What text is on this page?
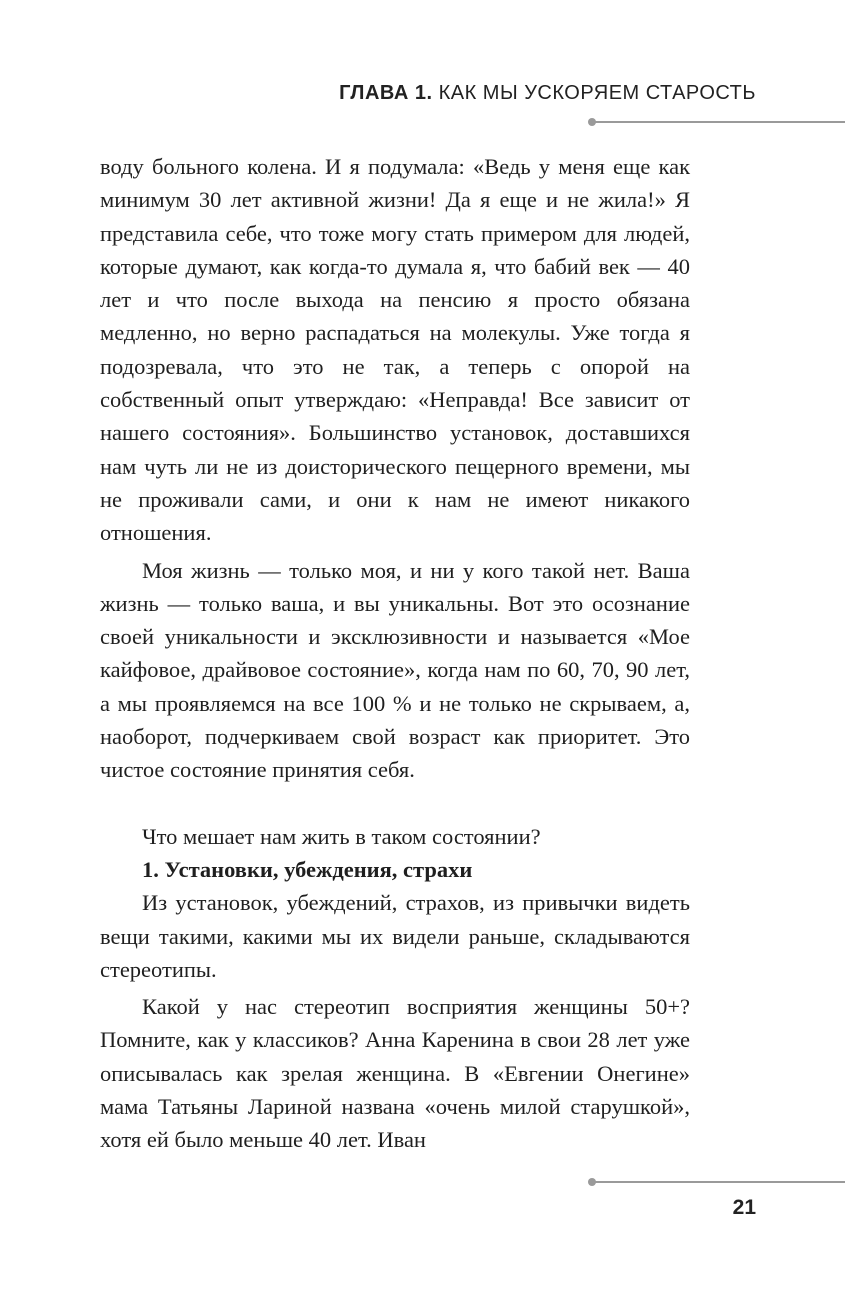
ГЛАВА 1. КАК МЫ УСКОРЯЕМ СТАРОСТЬ

воду больного колена. И я подумала: «Ведь у меня еще как минимум 30 лет активной жизни! Да я еще и не жила!» Я представила себе, что тоже могу стать примером для людей, которые думают, как когда-то думала я, что бабий век — 40 лет и что после выхода на пенсию я просто обязана медленно, но верно распадаться на молекулы. Уже тогда я подозревала, что это не так, а теперь с опорой на собственный опыт утверждаю: «Неправда! Все зависит от нашего состояния». Большинство установок, доставшихся нам чуть ли не из доисторического пещерного времени, мы не проживали сами, и они к нам не имеют никакого отношения.

Моя жизнь — только моя, и ни у кого такой нет. Ваша жизнь — только ваша, и вы уникальны. Вот это осознание своей уникальности и эксклюзивности и называется «Мое кайфовое, драйвовое состояние», когда нам по 60, 70, 90 лет, а мы проявляемся на все 100 % и не только не скрываем, а, наоборот, подчеркиваем свой возраст как приоритет. Это чистое состояние принятия себя.

Что мешает нам жить в таком состоянии?

1. Установки, убеждения, страхи

Из установок, убеждений, страхов, из привычки видеть вещи такими, какими мы их видели раньше, складываются стереотипы.

Какой у нас стереотип восприятия женщины 50+? Помните, как у классиков? Анна Каренина в свои 28 лет уже описывалась как зрелая женщина. В «Евгении Онегине» мама Татьяны Лариной названа «очень милой старушкой», хотя ей было меньше 40 лет. Иван

21
